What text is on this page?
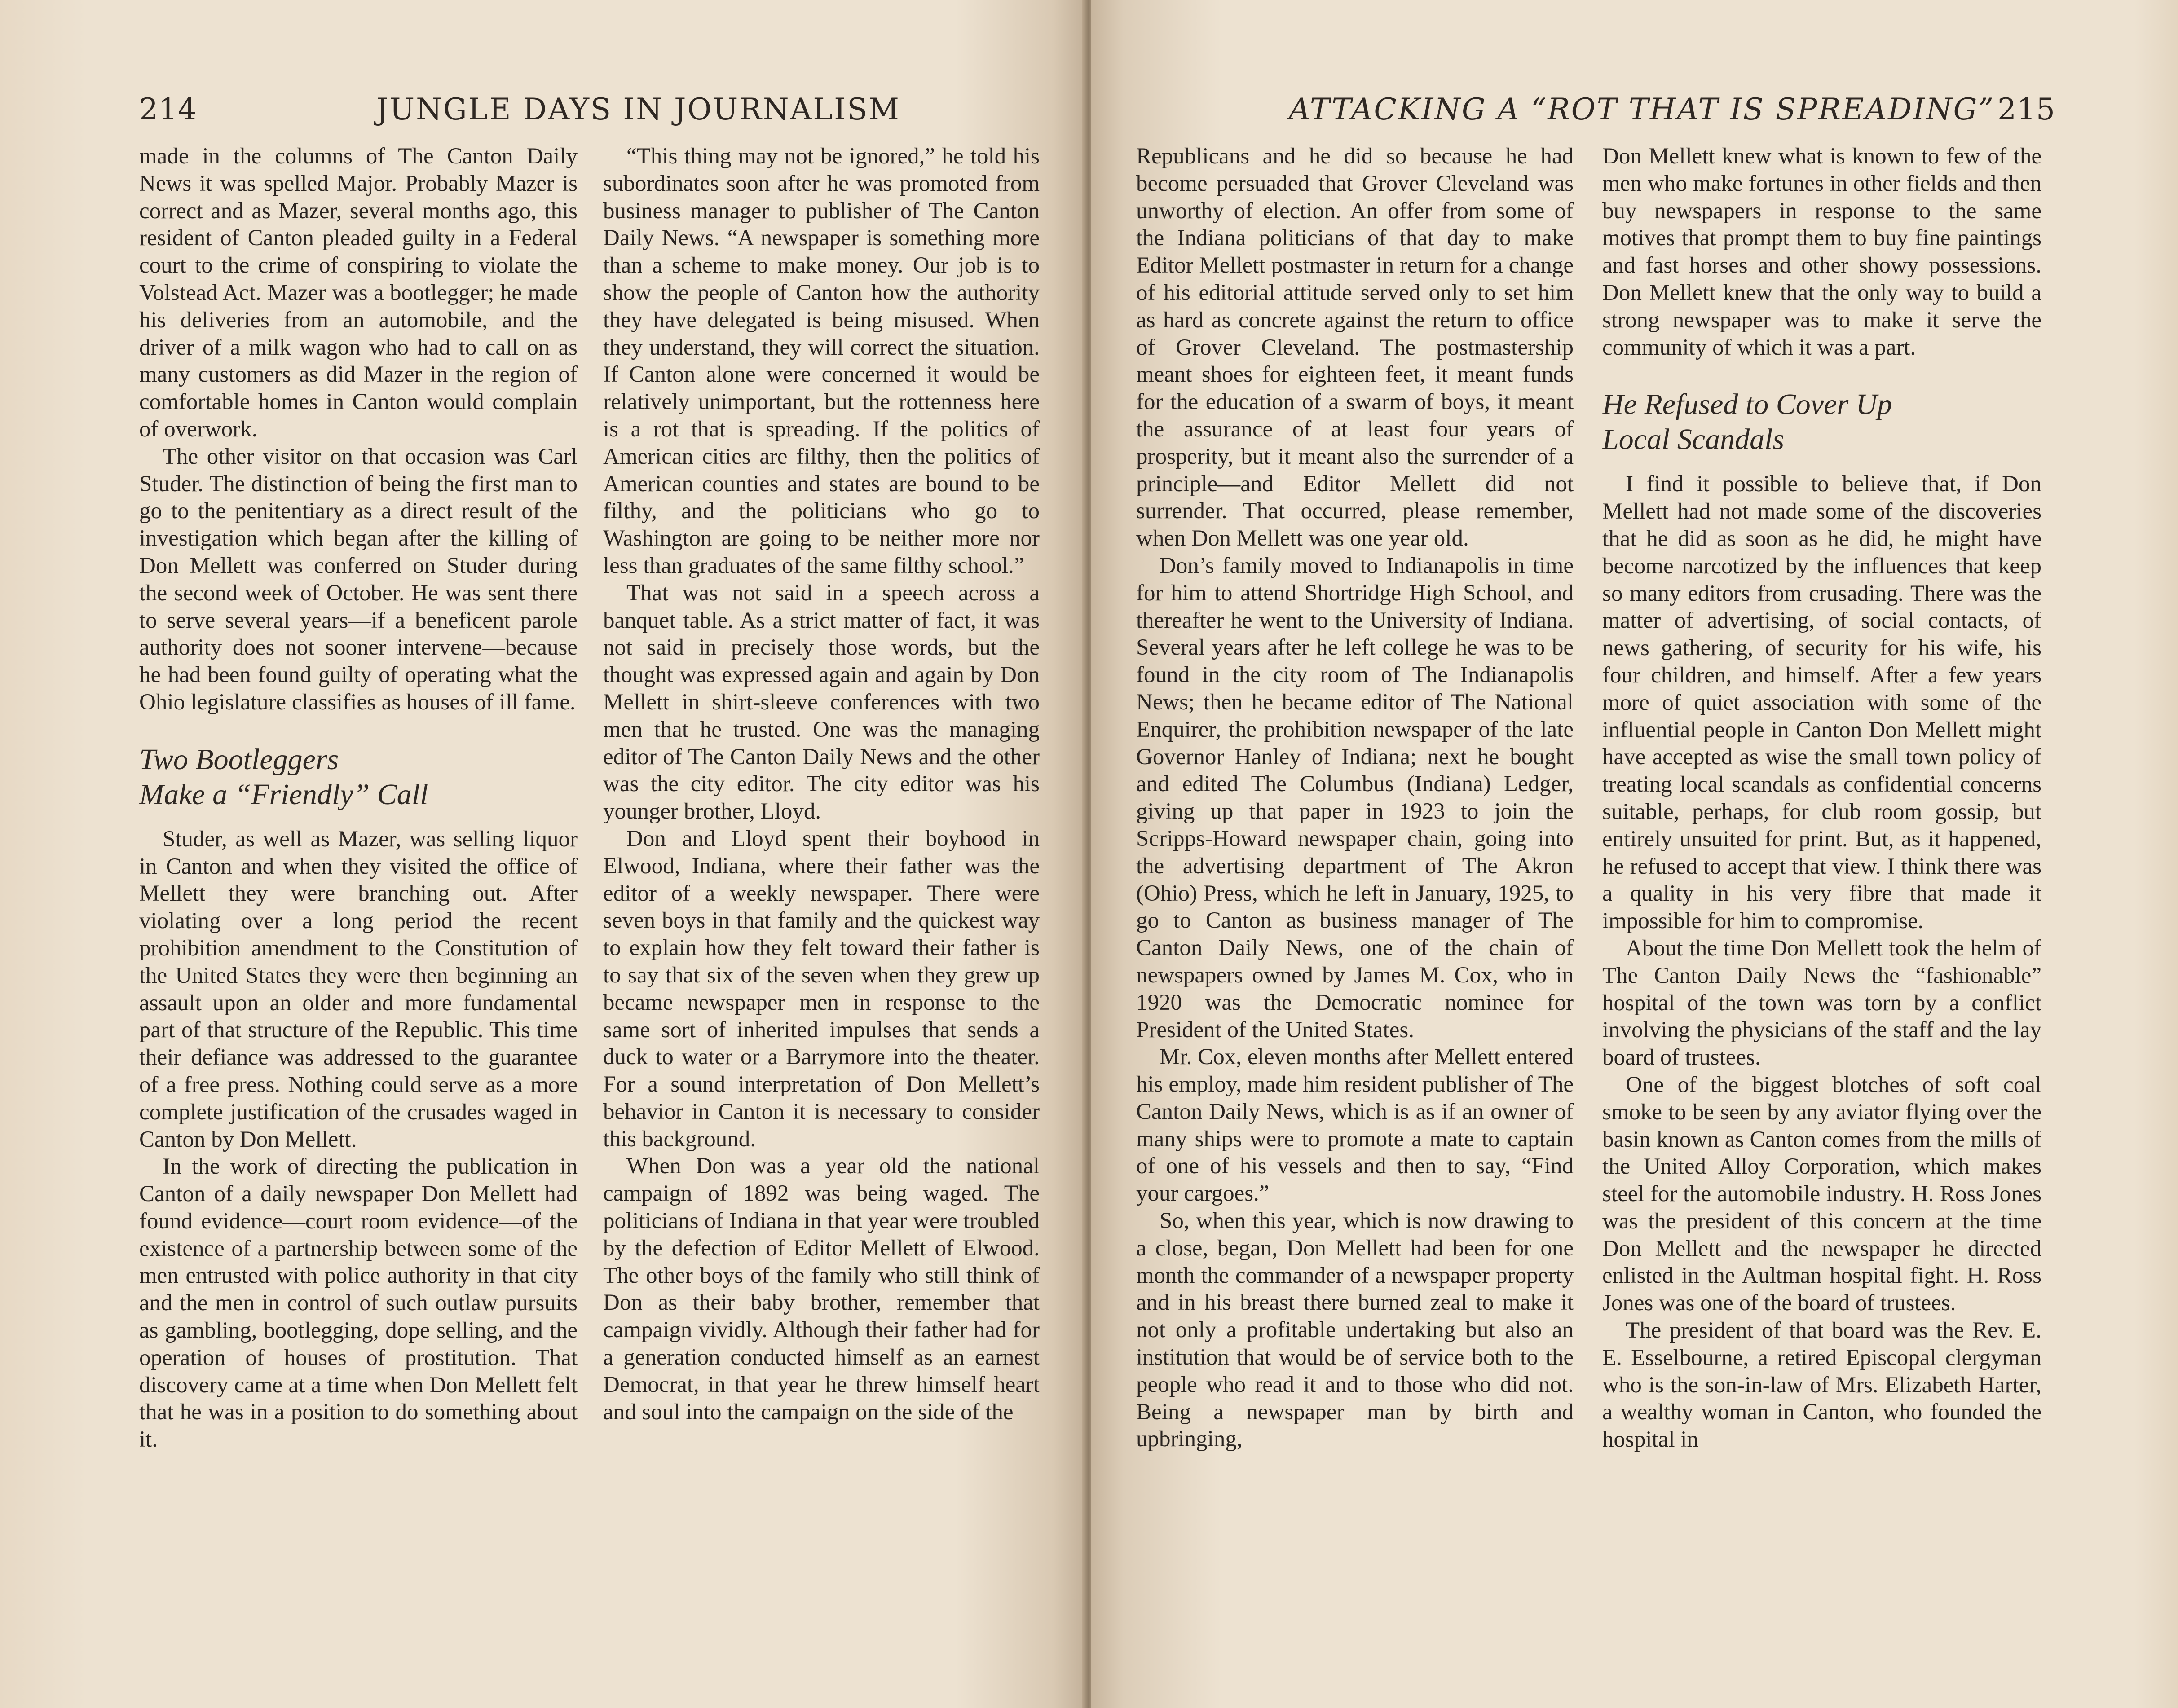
214	JUNGLE DAYS IN JOURNALISM

made in the columns of The Canton Daily News it was spelled Major. Probably Mazer is correct and as Mazer, several months ago, this resident of Canton pleaded guilty in a Federal court to the crime of conspiring to violate the Volstead Act. Mazer was a bootlegger; he made his deliveries from an automobile, and the driver of a milk wagon who had to call on as many customers as did Mazer in the region of comfortable homes in Canton would complain of overwork.

The other visitor on that occasion was Carl Studer. The distinction of being the first man to go to the penitentiary as a direct result of the investigation which began after the killing of Don Mellett was conferred on Studer during the second week of October. He was sent there to serve several years—if a beneficent parole authority does not sooner intervene—because he had been found guilty of operating what the Ohio legislature classifies as houses of ill fame.

Two Bootleggers
Make a “Friendly” Call

Studer, as well as Mazer, was selling liquor in Canton and when they visited the office of Mellett they were branching out. After violating over a long period the recent prohibition amendment to the Constitution of the United States they were then beginning an assault upon an older and more fundamental part of that structure of the Republic. This time their defiance was addressed to the guarantee of a free press. Nothing could serve as a more complete justification of the crusades waged in Canton by Don Mellett.

In the work of directing the publication in Canton of a daily newspaper Don Mellett had found evidence—court room evidence—of the existence of a partnership between some of the men entrusted with police authority in that city and the men in control of such outlaw pursuits as gambling, bootlegging, dope selling, and the operation of houses of prostitution. That discovery came at a time when Don Mellett felt that he was in a position to do something about it.

“This thing may not be ignored,” he told his subordinates soon after he was promoted from business manager to publisher of The Canton Daily News. “A newspaper is something more than a scheme to make money. Our job is to show the people of Canton how the authority they have delegated is being misused. When they understand, they will correct the situation. If Canton alone were concerned it would be relatively unimportant, but the rottenness here is a rot that is spreading. If the politics of American cities are filthy, then the politics of American counties and states are bound to be filthy, and the politicians who go to Washington are going to be neither more nor less than graduates of the same filthy school.”

That was not said in a speech across a banquet table. As a strict matter of fact, it was not said in precisely those words, but the thought was expressed again and again by Don Mellett in shirt-sleeve conferences with two men that he trusted. One was the managing editor of The Canton Daily News and the other was the city editor. The city editor was his younger brother, Lloyd.

Don and Lloyd spent their boyhood in Elwood, Indiana, where their father was the editor of a weekly newspaper. There were seven boys in that family and the quickest way to explain how they felt toward their father is to say that six of the seven when they grew up became newspaper men in response to the same sort of inherited impulses that sends a duck to water or a Barrymore into the theater. For a sound interpretation of Don Mellett’s behavior in Canton it is necessary to consider this background.

When Don was a year old the national campaign of 1892 was being waged. The politicians of Indiana in that year were troubled by the defection of Editor Mellett of Elwood. The other boys of the family who still think of Don as their baby brother, remember that campaign vividly. Although their father had for a generation conducted himself as an earnest Democrat, in that year he threw himself heart and soul into the campaign on the side of the

ATTACKING A “ROT THAT IS SPREADING” 215

Republicans and he did so because he had become persuaded that Grover Cleveland was unworthy of election. An offer from some of the Indiana politicians of that day to make Editor Mellett postmaster in return for a change of his editorial attitude served only to set him as hard as concrete against the return to office of Grover Cleveland. The postmastership meant shoes for eighteen feet, it meant funds for the education of a swarm of boys, it meant the assurance of at least four years of prosperity, but it meant also the surrender of a principle—and Editor Mellett did not surrender. That occurred, please remember, when Don Mellett was one year old.

Don’s family moved to Indianapolis in time for him to attend Shortridge High School, and thereafter he went to the University of Indiana. Several years after he left college he was to be found in the city room of The Indianapolis News; then he became editor of The National Enquirer, the prohibition newspaper of the late Governor Hanley of Indiana; next he bought and edited The Columbus (Indiana) Ledger, giving up that paper in 1923 to join the Scripps-Howard newspaper chain, going into the advertising department of The Akron (Ohio) Press, which he left in January, 1925, to go to Canton as business manager of The Canton Daily News, one of the chain of newspapers owned by James M. Cox, who in 1920 was the Democratic nominee for President of the United States.

Mr. Cox, eleven months after Mellett entered his employ, made him resident publisher of The Canton Daily News, which is as if an owner of many ships were to promote a mate to captain of one of his vessels and then to say, “Find your cargoes.”

So, when this year, which is now drawing to a close, began, Don Mellett had been for one month the commander of a newspaper property and in his breast there burned zeal to make it not only a profitable undertaking but also an institution that would be of service both to the people who read it and to those who did not. Being a newspaper man by birth and upbringing,

Don Mellett knew what is known to few of the men who make fortunes in other fields and then buy newspapers in response to the same motives that prompt them to buy fine paintings and fast horses and other showy possessions. Don Mellett knew that the only way to build a strong newspaper was to make it serve the community of which it was a part.

He Refused to Cover Up
Local Scandals

I find it possible to believe that, if Don Mellett had not made some of the discoveries that he did as soon as he did, he might have become narcotized by the influences that keep so many editors from crusading. There was the matter of advertising, of social contacts, of news gathering, of security for his wife, his four children, and himself. After a few years more of quiet association with some of the influential people in Canton Don Mellett might have accepted as wise the small town policy of treating local scandals as confidential concerns suitable, perhaps, for club room gossip, but entirely unsuited for print. But, as it happened, he refused to accept that view. I think there was a quality in his very fibre that made it impossible for him to compromise.

About the time Don Mellett took the helm of The Canton Daily News the “fashionable” hospital of the town was torn by a conflict involving the physicians of the staff and the lay board of trustees.

One of the biggest blotches of soft coal smoke to be seen by any aviator flying over the basin known as Canton comes from the mills of the United Alloy Corporation, which makes steel for the automobile industry. H. Ross Jones was the president of this concern at the time Don Mellett and the newspaper he directed enlisted in the Aultman hospital fight. H. Ross Jones was one of the board of trustees.

The president of that board was the Rev. E. E. Esselbourne, a retired Episcopal clergyman who is the son-in-law of Mrs. Elizabeth Harter, a wealthy woman in Canton, who founded the hospital in
